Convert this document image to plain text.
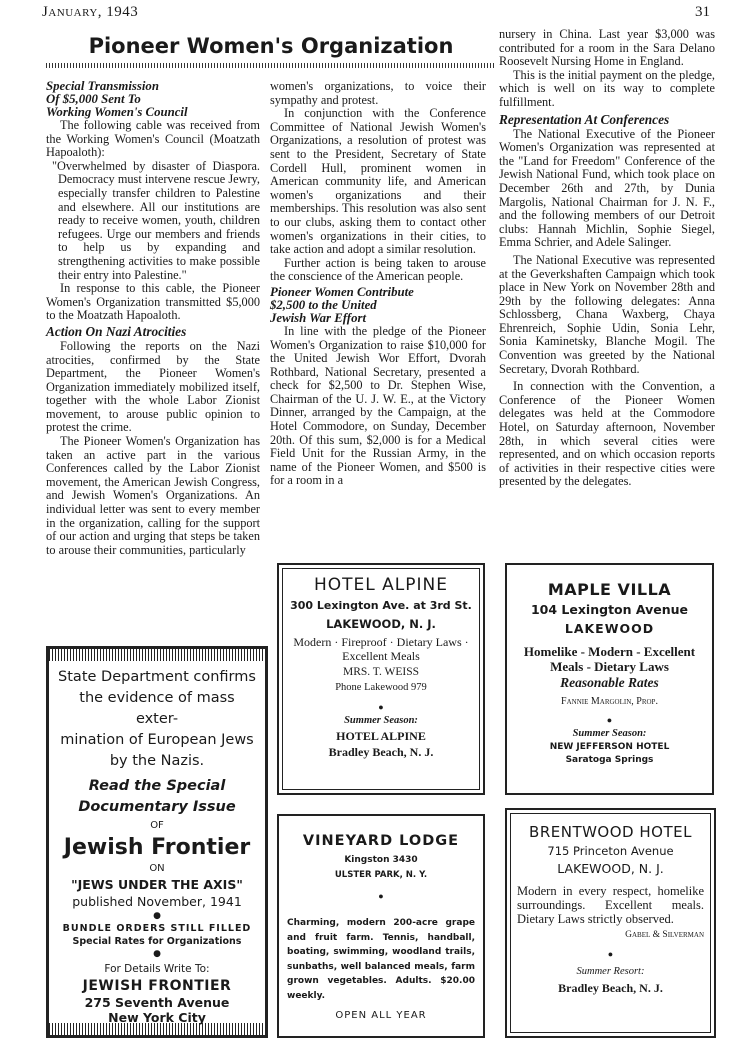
January, 1943	31
Pioneer Women's Organization

Special Transmission

Of $5,000 Sent To

Working Women's Council

The following cable was received from the Working Women's Council (Moatzath Hapoaloth):

"Overwhelmed by disaster of Diaspora. Democracy must intervene rescue Jewry, especially transfer children to Palestine and elsewhere. All our institutions are ready to receive women, youth, children refugees. Urge our members and friends to help us by expanding and strengthening activities to make possible their entry into Palestine."

In response to this cable, the Pioneer Women's Organization transmitted $5,000 to the Moatzath Hapoaloth.

Action On Nazi Atrocities

Following the reports on the Nazi atrocities, confirmed by the State Department, the Pioneer Women's Organization immediately mobilized itself, together with the whole Labor Zionist movement, to arouse public opinion to protest the crime.

The Pioneer Women's Organization has taken an active part in the various Conferences called by the Labor Zionist movement, the American Jewish Congress, and Jewish Women's Organizations. An individual letter was sent to every member in the organization, calling for the support of our action and urging that steps be taken to arouse their communities, particularly

women's organizations, to voice their sympathy and protest.

In conjunction with the Conference Committee of National Jewish Women's Organizations, a resolution of protest was sent to the President, Secretary of State Cordell Hull, prominent women in American community life, and American women's organizations and their memberships. This resolution was also sent to our clubs, asking them to contact other women's organizations in their cities, to take action and adopt a similar resolution.

Further action is being taken to arouse the conscience of the American people.

Pioneer Women Contribute

$2,500 to the United

Jewish War Effort

In line with the pledge of the Pioneer Women's Organization to raise $10,000 for the United Jewish Wor Effort, Dvorah Rothbard, National Secretary, presented a check for $2,500 to Dr. Stephen Wise, Chairman of the U. J. W. E., at the Victory Dinner, arranged by the Campaign, at the Hotel Commodore, on Sunday, December 20th. Of this sum, $2,000 is for a Medical Field Unit for the Russian Army, in the name of the Pioneer Women, and $500 is for a room in a

nursery in China. Last year $3,000 was contributed for a room in the Sara Delano Roosevelt Nursing Home in England.

This is the initial payment on the pledge, which is well on its way to complete fulfillment.

Representation At Conferences

The National Executive of the Pioneer Women's Organization was represented at the "Land for Freedom" Conference of the Jewish National Fund, which took place on December 26th and 27th, by Dunia Margolis, National Chairman for J. N. F., and the following members of our Detroit clubs: Hannah Michlin, Sophie Siegel, Emma Schrier, and Adele Salinger.

The National Executive was represented at the Geverkshaften Campaign which took place in New York on November 28th and 29th by the following delegates: Anna Schlossberg, Chana Waxberg, Chaya Ehrenreich, Sophie Udin, Sonia Lehr, Sonia Kaminetsky, Blanche Mogil. The Convention was greeted by the National Secretary, Dvorah Rothbard.

In connection with the Convention, a Conference of the Pioneer Women delegates was held at the Commodore Hotel, on Saturday afternoon, November 28th, in which several cities were represented, and on which occasion reports of activities in their respective cities were presented by the delegates.

State Department confirms
the evidence of mass exter-
mination of European Jews
by the Nazis.
Read the Special
Documentary Issue
OF
Jewish Frontier
ON
"JEWS UNDER THE AXIS"
published November, 1941
●
BUNDLE ORDERS STILL FILLED
Special Rates for Organizations
●
For Details Write To:
JEWISH FRONTIER
275 Seventh Avenue
New York City
HOTEL ALPINE
300 Lexington Ave. at 3rd St.
LAKEWOOD, N. J.
Modern · Fireproof · Dietary Laws · Excellent Meals
MRS. T. WEISS
Phone Lakewood 979
●
Summer Season:
HOTEL ALPINE
Bradley Beach, N. J.
MAPLE VILLA
104 Lexington Avenue
LAKEWOOD
Homelike - Modern - Excellent Meals - Dietary Laws
Reasonable Rates
Fannie Margolin, Prop.
●
Summer Season:
NEW JEFFERSON HOTEL
Saratoga Springs
VINEYARD LODGE
Kingston 3430
ULSTER PARK, N. Y.
●
Charming, modern 200-acre grape and fruit farm. Tennis, handball, boating, swimming, woodland trails, sunbaths, well balanced meals, farm grown vegetables. Adults. $20.00 weekly.
OPEN ALL YEAR
BRENTWOOD HOTEL
715 Princeton Avenue
LAKEWOOD, N. J.
Modern in every respect, homelike surroundings. Excellent meals. Dietary Laws strictly observed.
Gabel & Silverman
●
Summer Resort:
Bradley Beach, N. J.
